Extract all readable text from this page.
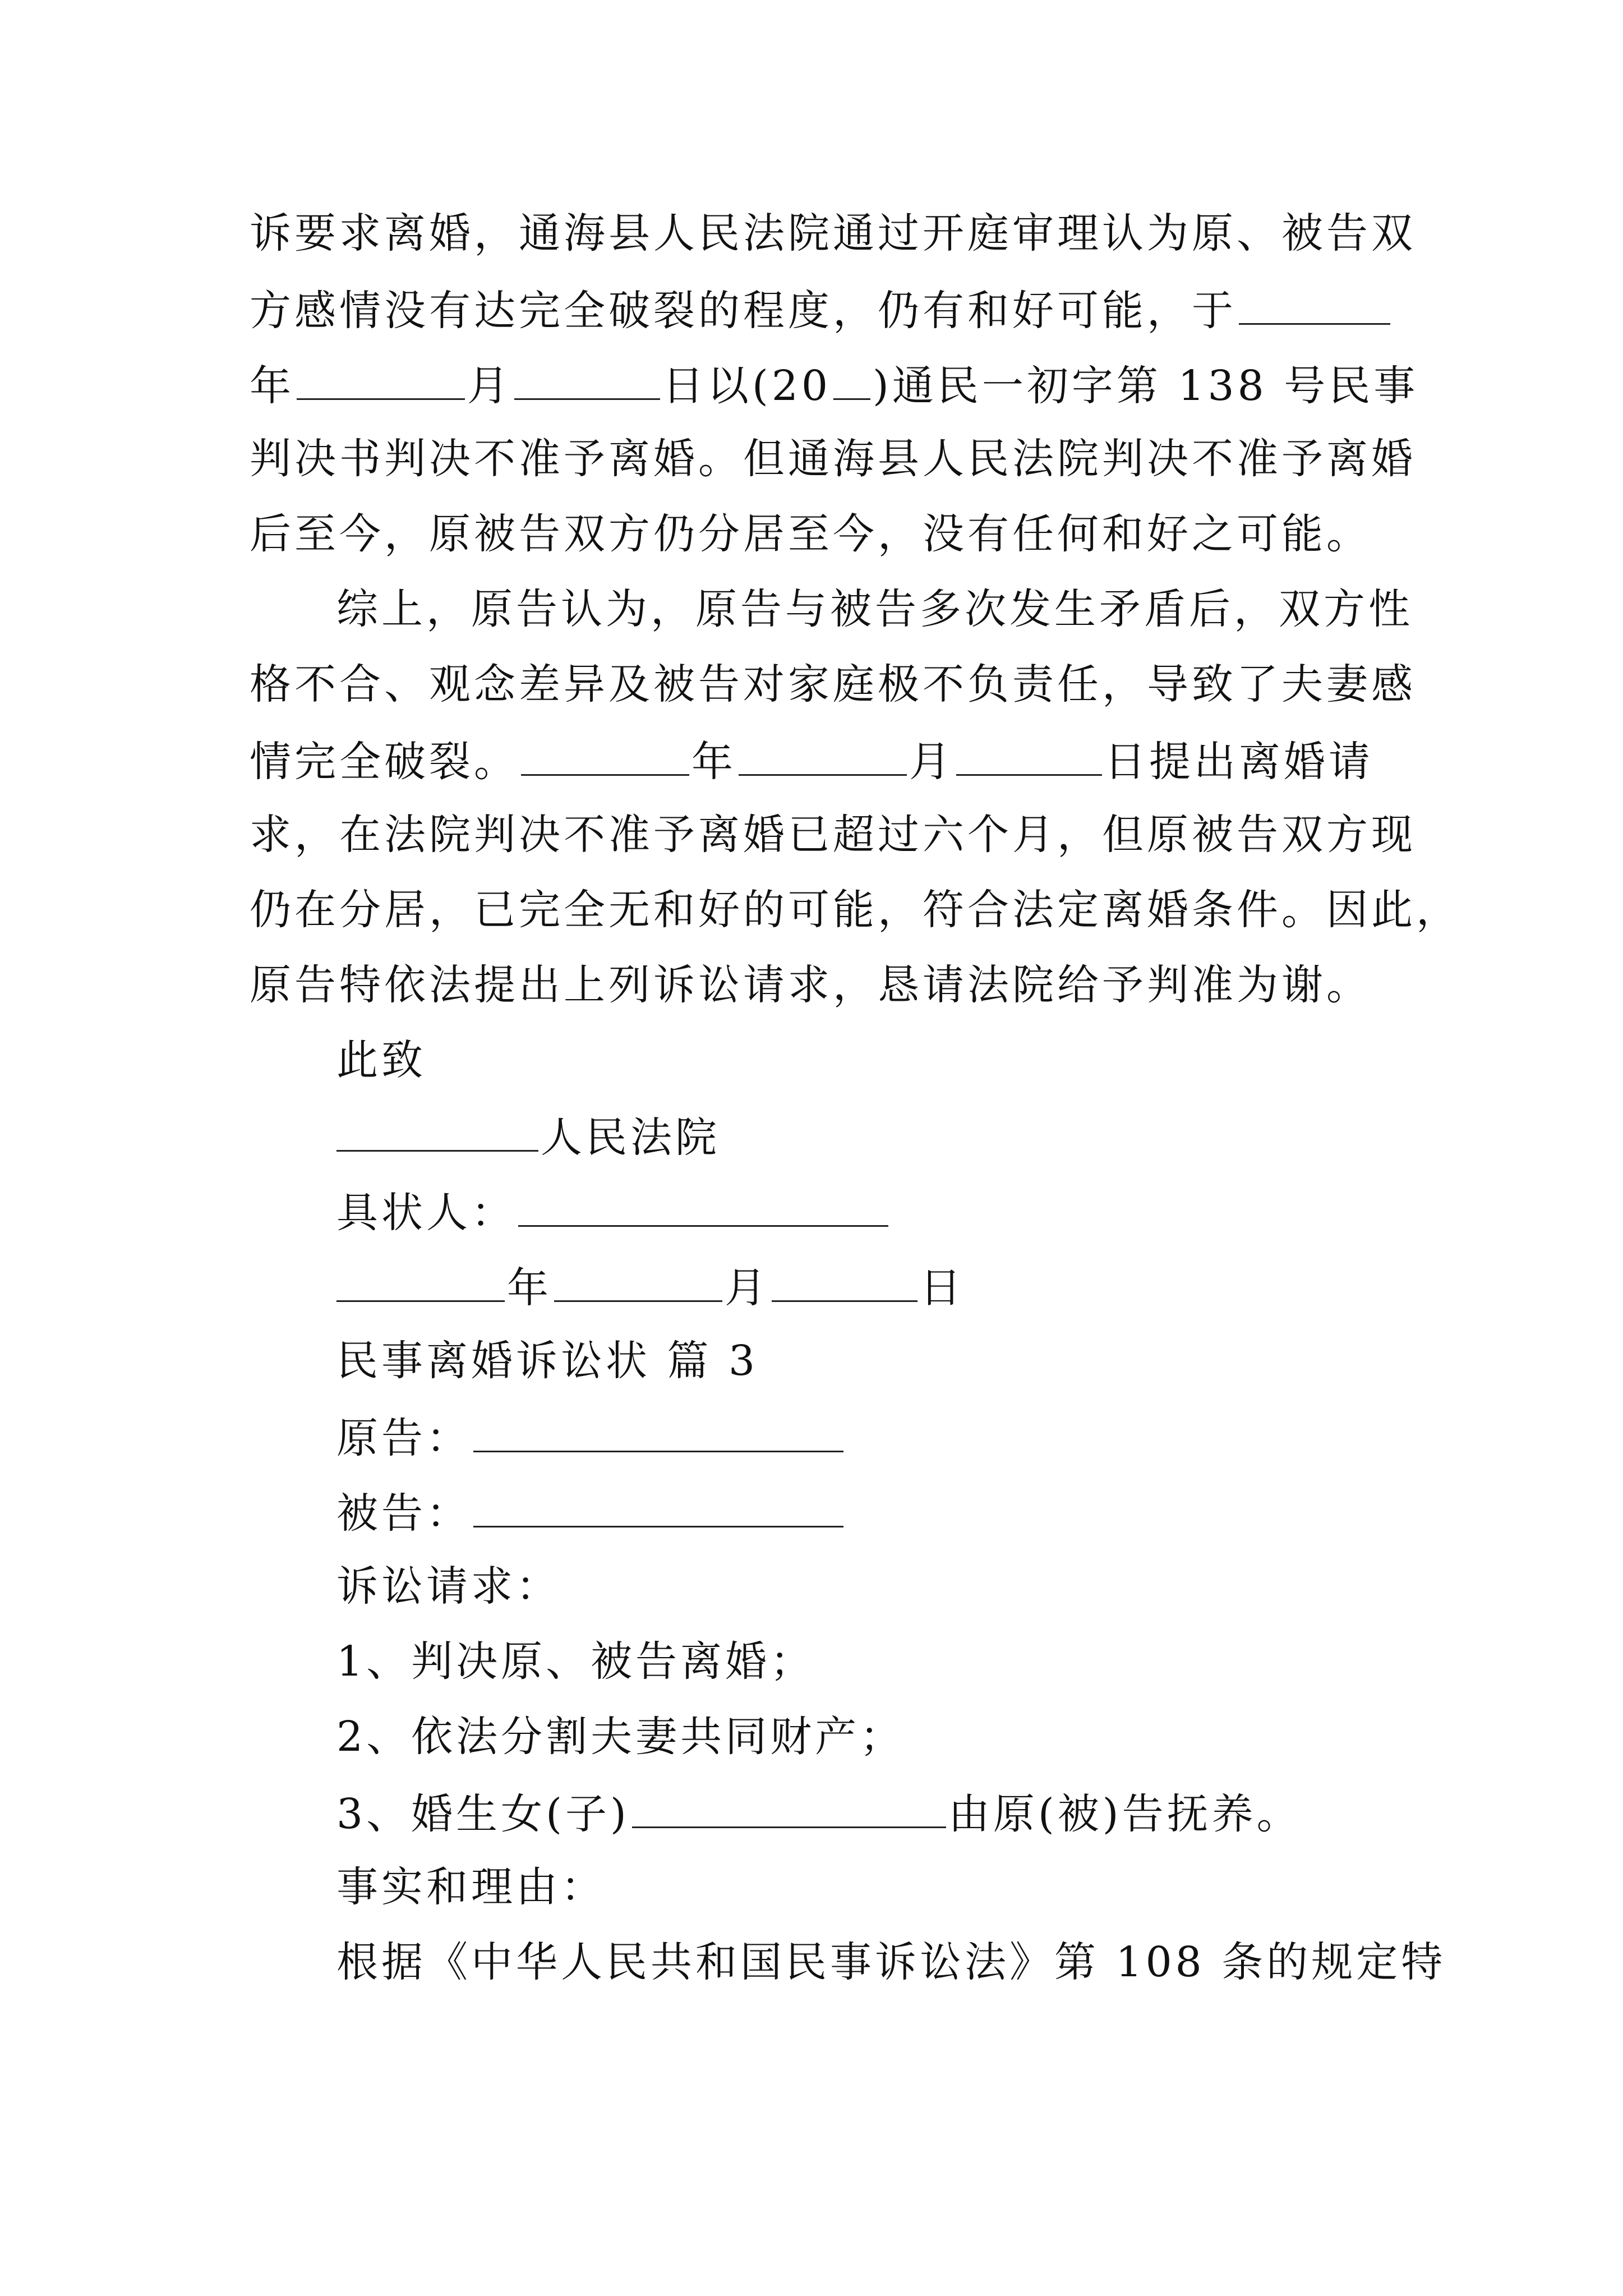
诉要求离婚，通海县人民法院通过开庭审理认为原、被告双
方感情没有达完全破裂的程度，仍有和好可能，于
年	月	日以(20 )通民一初字第 138 号民事
判决书判决不准予离婚。但通海县人民法院判决不准予离婚
后至今，原被告双方仍分居至今，没有任何和好之可能。
综上，原告认为，原告与被告多次发生矛盾后，双方性
格不合、观念差异及被告对家庭极不负责任，导致了夫妻感
情完全破裂。	年	月	日提出离婚请
求，在法院判决不准予离婚已超过六个月，但原被告双方现
仍在分居，已完全无和好的可能，符合法定离婚条件。因此，
原告特依法提出上列诉讼请求，恳请法院给予判准为谢。
此致
人民法院
具状人：
年	月	日
民事离婚诉讼状 篇 3
原告：
被告：
诉讼请求：
1、判决原、被告离婚；
2、依法分割夫妻共同财产；
3、婚生女(子)	由原(被)告抚养。
事实和理由：
根据《中华人民共和国民事诉讼法》第 108 条的规定特
